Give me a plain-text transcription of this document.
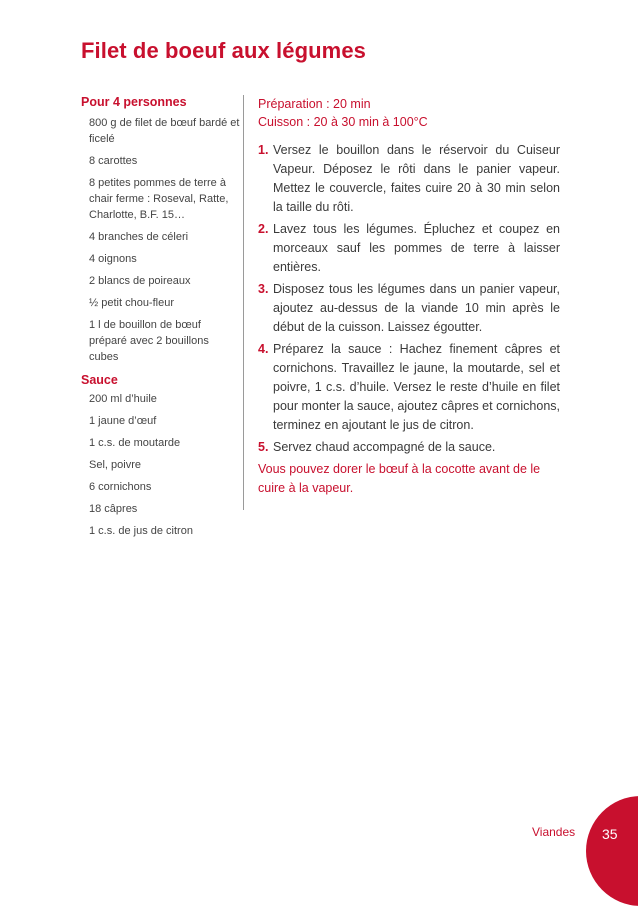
Filet de boeuf aux légumes
Pour 4 personnes
800 g de filet de bœuf bardé et ficelé
8 carottes
8 petites pommes de terre à chair ferme : Roseval, Ratte, Charlotte, B.F. 15…
4 branches de céleri
4 oignons
2 blancs de poireaux
½ petit chou-fleur
1 l de bouillon de bœuf préparé avec 2 bouillons cubes
Sauce
200 ml d’huile
1 jaune d’œuf
1 c.s. de moutarde
Sel, poivre
6 cornichons
18 câpres
1 c.s. de jus de citron
Préparation : 20 min
Cuisson : 20 à 30 min à 100°C
1. Versez le bouillon dans le réservoir du Cuiseur Vapeur. Déposez le rôti dans le panier vapeur. Mettez le couvercle, faites cuire 20 à 30 min selon la taille du rôti.
2. Lavez tous les légumes. Épluchez et coupez en morceaux sauf les pommes de terre à laisser entières.
3. Disposez tous les légumes dans un panier vapeur, ajoutez au-dessus de la viande 10 min après le début de la cuisson. Laissez égoutter.
4. Préparez la sauce : Hachez finement câpres et cornichons. Travaillez le jaune, la moutarde, sel et poivre, 1 c.s. d’huile. Versez le reste d’huile en filet pour monter la sauce, ajoutez câpres et cornichons, terminez en ajoutant le jus de citron.
5. Servez chaud accompagné de la sauce.
Vous pouvez dorer le bœuf à la cocotte avant de le cuire à la vapeur.
Viandes 35
